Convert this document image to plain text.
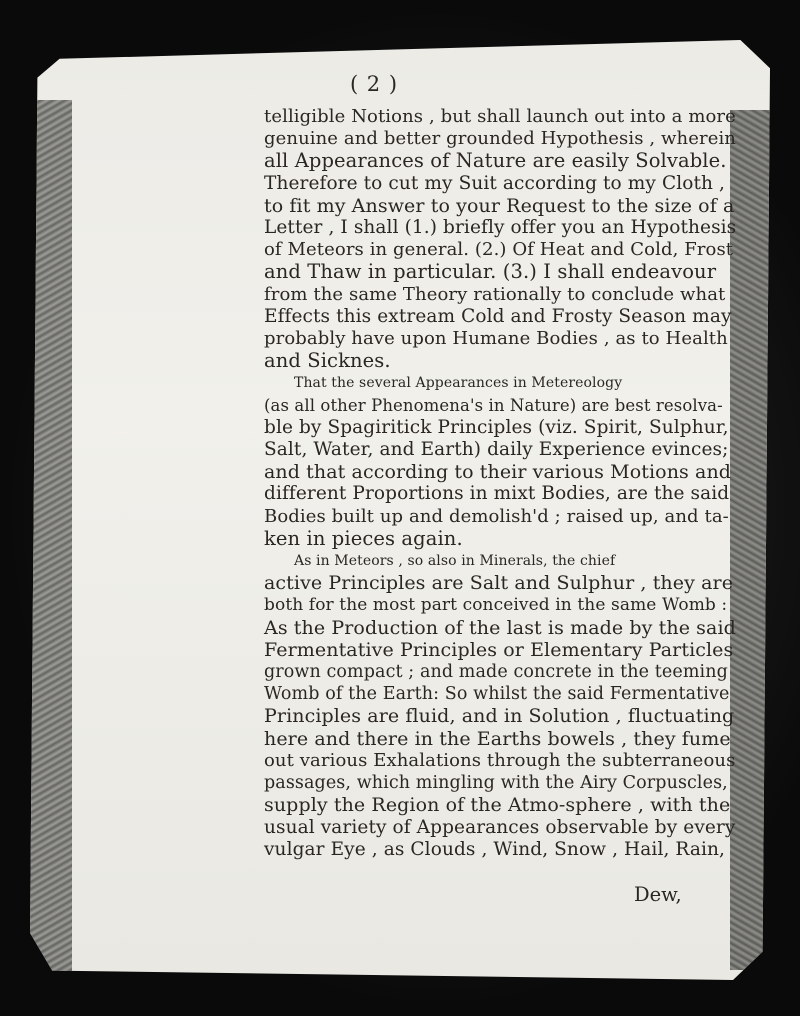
( 2 )
telligible Notions , but shall launch out into a more
genuine and better grounded Hypothesis , wherein
all Appearances of Nature are easily Solvable.
Therefore to cut my Suit according to my Cloth ,
to fit my Answer to your Request to the size of a
Letter , I shall (1.) briefly offer you an Hypothesis
of Meteors in general. (2.) Of Heat and Cold, Frost
and Thaw in particular. (3.) I shall endeavour
from the same Theory rationally to conclude what
Effects this extream Cold and Frosty Season may
probably have upon Humane Bodies , as to Health
and Sicknes.
That the several Appearances in Metereology
(as all other Phenomena's in Nature) are best resolva-
ble by Spagiritick Principles (viz. Spirit, Sulphur,
Salt, Water, and Earth) daily Experience evinces;
and that according to their various Motions and
different Proportions in mixt Bodies, are the said
Bodies built up and demolish'd ; raised up, and ta-
ken in pieces again.
As in Meteors , so also in Minerals, the chief
active Principles are Salt and Sulphur , they are
both for the most part conceived in the same Womb :
As the Production of the last is made by the said
Fermentative Principles or Elementary Particles
grown compact ; and made concrete in the teeming
Womb of the Earth: So whilst the said Fermentative
Principles are fluid, and in Solution , fluctuating
here and there in the Earths bowels , they fume
out various Exhalations through the subterraneous
passages, which mingling with the Airy Corpuscles,
supply the Region of the Atmo-sphere , with the
usual variety of Appearances observable by every
vulgar Eye , as Clouds , Wind, Snow , Hail, Rain,
Dew,
